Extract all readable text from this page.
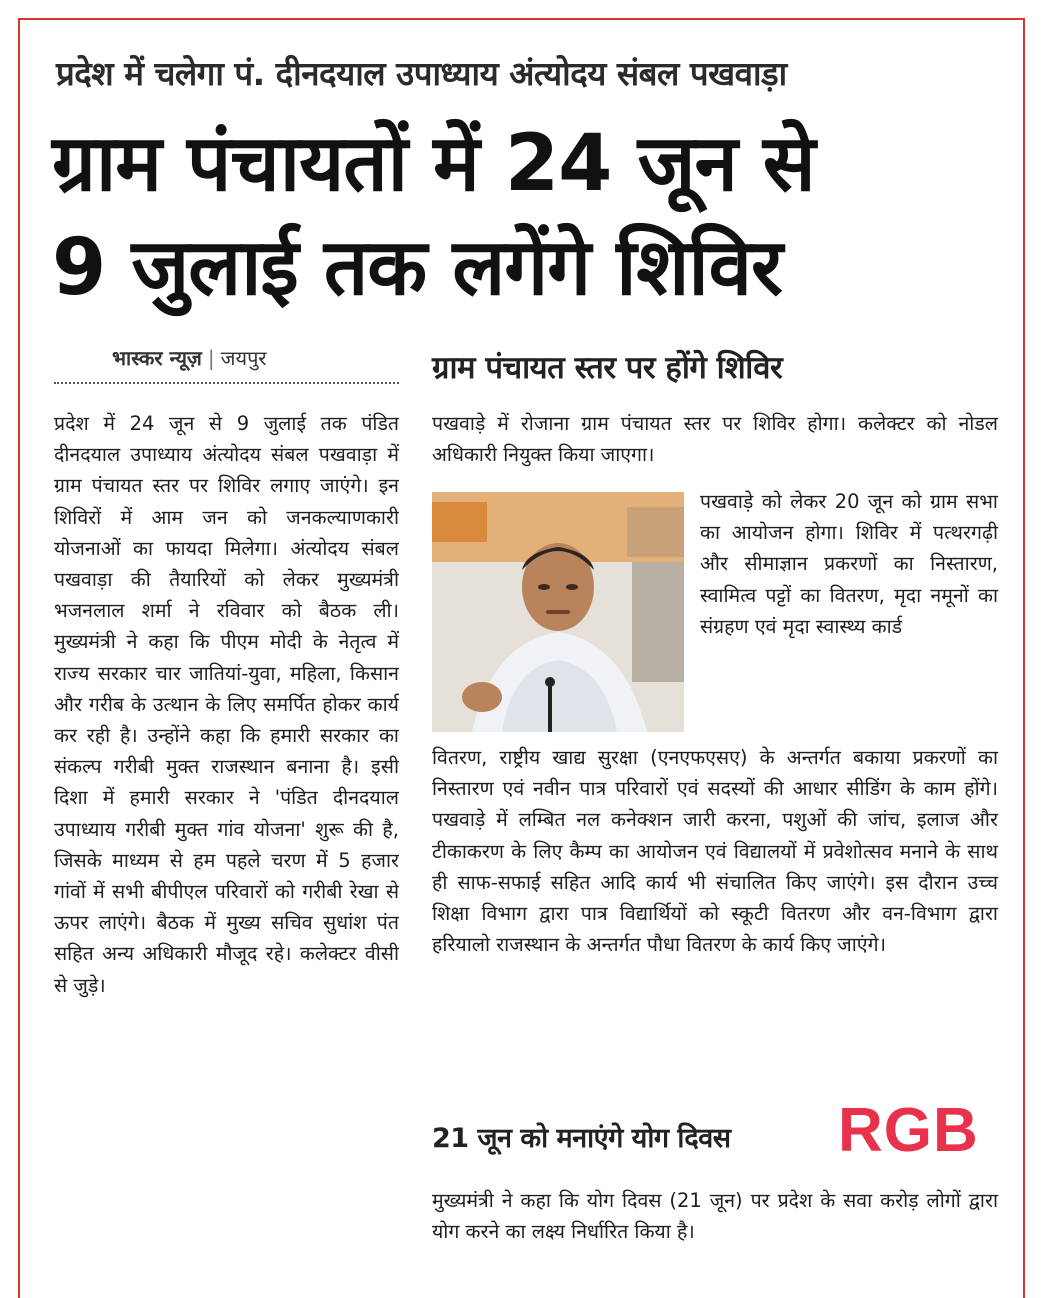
प्रदेश में चलेगा पं. दीनदयाल उपाध्याय अंत्योदय संबल पखवाड़ा
ग्राम पंचायतों में 24 जून से
9 जुलाई तक लगेंगे शिविर
भास्कर न्यूज़ | जयपुर	ग्राम पंचायत स्तर पर होंगे शिविर
प्रदेश में 24 जून से 9 जुलाई तक पंडित दीनदयाल उपाध्याय अंत्योदय संबल पखवाड़ा में ग्राम पंचायत स्तर पर शिविर लगाए जाएंगे। इन शिविरों में आम जन को जनकल्याणकारी योजनाओं का फायदा मिलेगा। अंत्योदय संबल पखवाड़ा की तैयारियों को लेकर मुख्यमंत्री भजनलाल शर्मा ने रविवार को बैठक ली। मुख्यमंत्री ने कहा कि पीएम मोदी के नेतृत्व में राज्य सरकार चार जातियां-युवा, महिला, किसान और गरीब के उत्थान के लिए समर्पित होकर कार्य कर रही है। उन्होंने कहा कि हमारी सरकार का संकल्प गरीबी मुक्त राजस्थान बनाना है। इसी दिशा में हमारी सरकार ने 'पंडित दीनदयाल उपाध्याय गरीबी मुक्त गांव योजना' शुरू की है, जिसके माध्यम से हम पहले चरण में 5 हजार गांवों में सभी बीपीएल परिवारों को गरीबी रेखा से ऊपर लाएंगे। बैठक में मुख्य सचिव सुधांश पंत सहित अन्य अधिकारी मौजूद रहे। कलेक्टर वीसी से जुड़े।
पखवाड़े में रोजाना ग्राम पंचायत स्तर पर शिविर होगा। कलेक्टर को नोडल अधिकारी नियुक्त किया जाएगा।
पखवाड़े को लेकर 20 जून को ग्राम सभा का आयोजन होगा। शिविर में पत्थरगढ़ी और सीमाज्ञान प्रकरणों का निस्तारण, स्वामित्व पट्टों का वितरण, मृदा नमूनों का संग्रहण एवं मृदा स्वास्थ्य कार्ड
वितरण, राष्ट्रीय खाद्य सुरक्षा (एनएफएसए) के अन्तर्गत बकाया प्रकरणों का निस्तारण एवं नवीन पात्र परिवारों एवं सदस्यों की आधार सीडिंग के काम होंगे। पखवाड़े में लम्बित नल कनेक्शन जारी करना, पशुओं की जांच, इलाज और टीकाकरण के लिए कैम्प का आयोजन एवं विद्यालयों में प्रवेशोत्सव मनाने के साथ ही साफ-सफाई सहित आदि कार्य भी संचालित किए जाएंगे। इस दौरान उच्च शिक्षा विभाग द्वारा पात्र विद्यार्थियों को स्कूटी वितरण और वन-विभाग द्वारा हरियालो राजस्थान के अन्तर्गत पौधा वितरण के कार्य किए जाएंगे।
21 जून को मनाएंगे योग दिवस RGB
मुख्यमंत्री ने कहा कि योग दिवस (21 जून) पर प्रदेश के सवा करोड़ लोगों द्वारा योग करने का लक्ष्य निर्धारित किया है।
